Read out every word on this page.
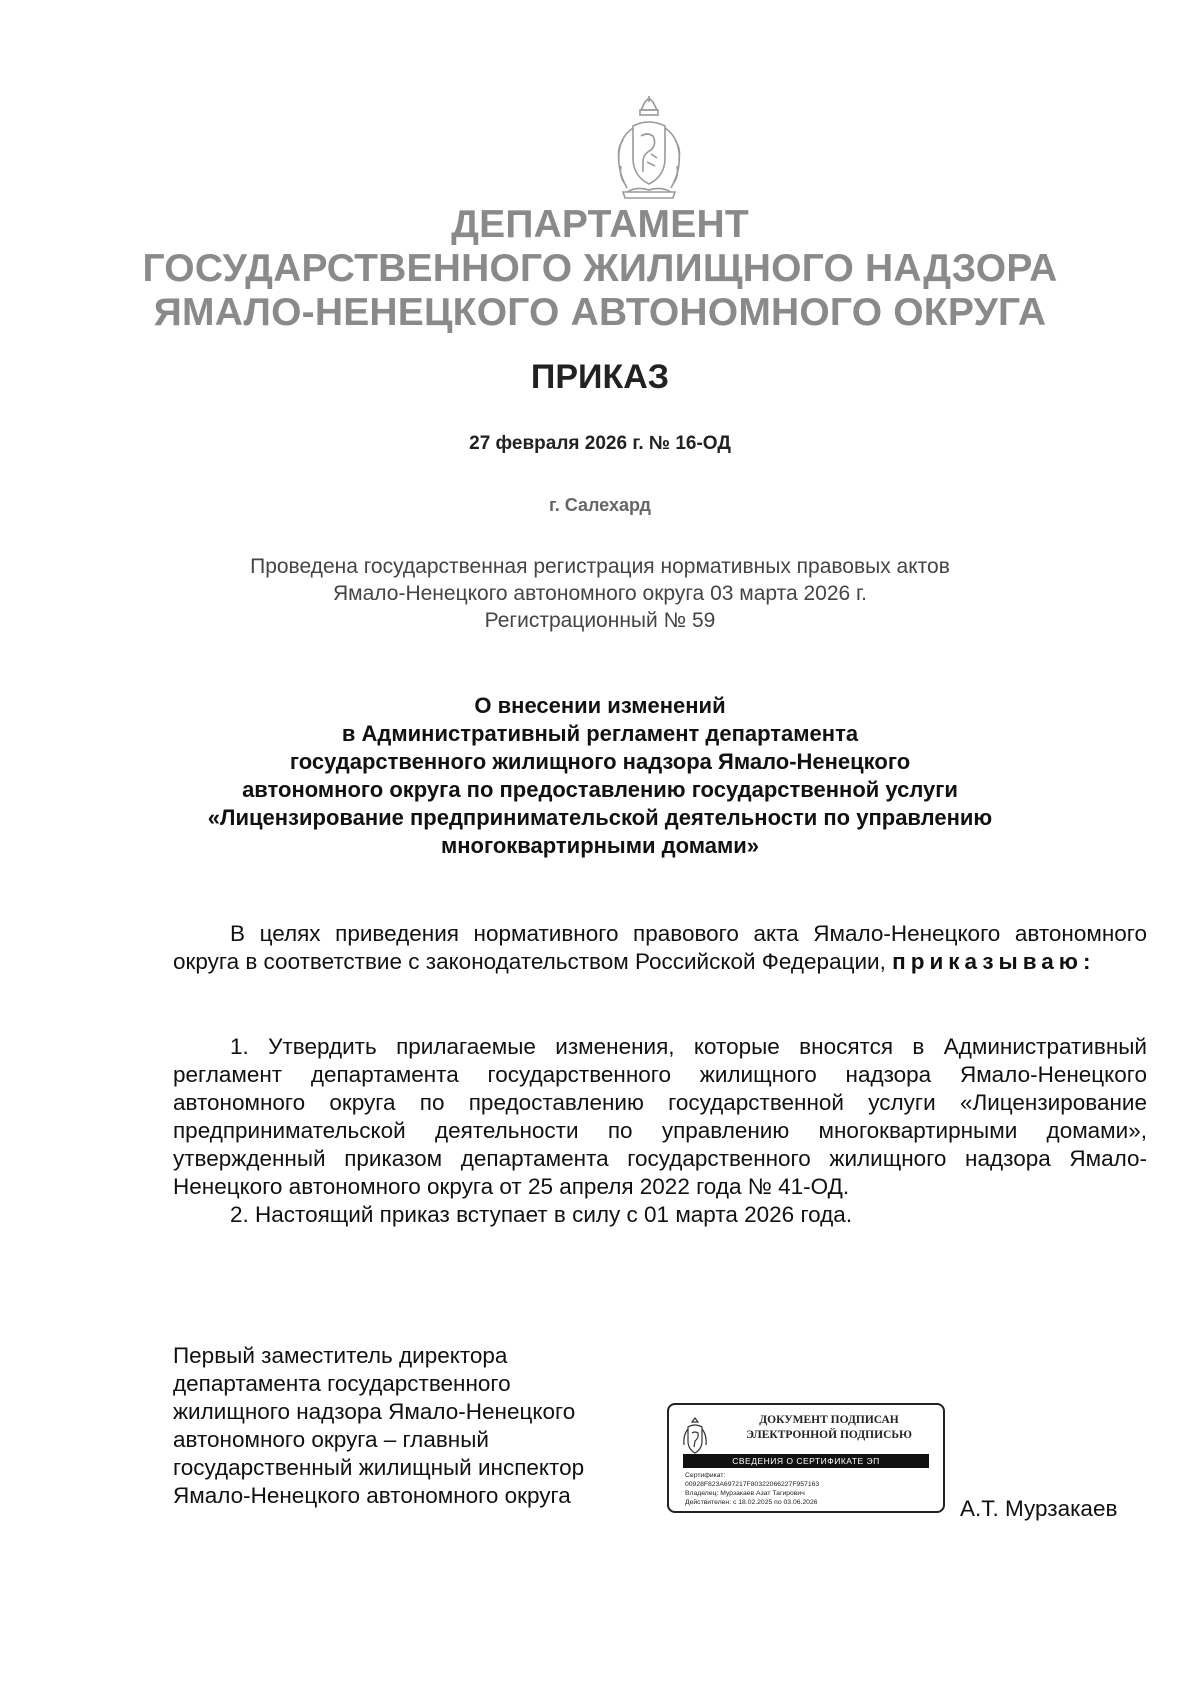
ДЕПАРТАМЕНТ
ГОСУДАРСТВЕННОГО ЖИЛИЩНОГО НАДЗОРА
ЯМАЛО-НЕНЕЦКОГО АВТОНОМНОГО ОКРУГА
ПРИКАЗ
27 февраля 2026 г. № 16-ОД
г. Салехард
Проведена государственная регистрация нормативных правовых актов
Ямало-Ненецкого автономного округа 03 марта 2026 г.
Регистрационный № 59
О внесении изменений
в Административный регламент департамента
государственного жилищного надзора Ямало-Ненецкого
автономного округа по предоставлению государственной услуги
«Лицензирование предпринимательской деятельности по управлению
многоквартирными домами»

В целях приведения нормативного правового акта Ямало-Ненецкого автономного округа в соответствие с законодательством Российской Федерации, приказываю:

1. Утвердить прилагаемые изменения, которые вносятся в Административный регламент департамента государственного жилищного надзора Ямало-Ненецкого автономного округа по предоставлению государственной услуги «Лицензирование предпринимательской деятельности по управлению многоквартирными домами», утвержденный приказом департамента государственного жилищного надзора Ямало-Ненецкого автономного округа от 25 апреля 2022 года № 41-ОД.

2. Настоящий приказ вступает в силу с 01 марта 2026 года.

Первый заместитель директора
департамента государственного
жилищного надзора Ямало-Ненецкого
автономного округа – главный
государственный жилищный инспектор
Ямало-Ненецкого автономного округа
ДОКУМЕНТ ПОДПИСАН
ЭЛЕКТРОННОЙ ПОДПИСЬЮ
СВЕДЕНИЯ О СЕРТИФИКАТЕ ЭП
Сертификат:
00928F823A697217F80322066227F957163
Владелец: Мурзакаев Азат Тагирович
Действителен: с 18.02.2025 по 03.06.2026	А.Т. Мурзакаев
